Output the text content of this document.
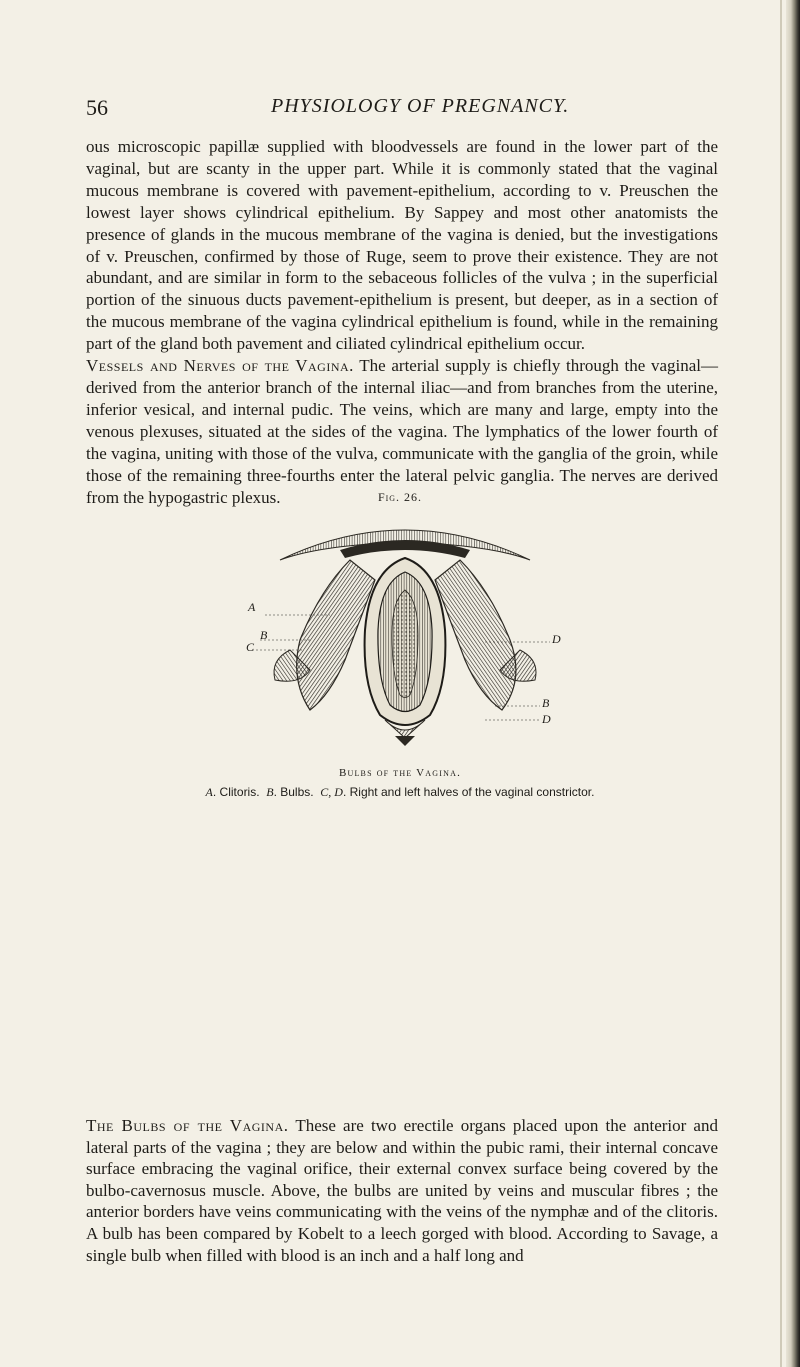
56	PHYSIOLOGY OF PREGNANCY.

ous microscopic papillæ supplied with bloodvessels are found in the lower part of the vaginal, but are scanty in the upper part. While it is commonly stated that the vaginal mucous membrane is covered with pavement-epithelium, according to v. Preuschen the lowest layer shows cylindrical epithelium. By Sappey and most other anatomists the presence of glands in the mucous membrane of the vagina is denied, but the investigations of v. Preuschen, confirmed by those of Ruge, seem to prove their existence. They are not abundant, and are similar in form to the sebaceous follicles of the vulva ; in the superficial portion of the sinuous ducts pavement-epithelium is present, but deeper, as in a section of the mucous membrane of the vagina cylindrical epithelium is found, while in the remaining part of the gland both pavement and ciliated cylindrical epithelium occur.

Vessels and Nerves of the Vagina. The arterial supply is chiefly through the vaginal—derived from the anterior branch of the internal iliac—and from branches from the uterine, inferior vesical, and internal pudic. The veins, which are many and large, empty into the venous plexuses, situated at the sides of the vagina. The lymphatics of the lower fourth of the vagina, uniting with those of the vulva, communicate with the ganglia of the groin, while those of the remaining three-fourths enter the lateral pelvic ganglia. The nerves are derived from the hypogastric plexus.	Fig. 26.
A
B
C
D
B
D
Bulbs of the Vagina.
A. Clitoris. B. Bulbs. C, D. Right and left halves of the vaginal constrictor.

The Bulbs of the Vagina. These are two erectile organs placed upon the anterior and lateral parts of the vagina ; they are below and within the pubic rami, their internal concave surface embracing the vaginal orifice, their external convex surface being covered by the bulbo-cavernosus muscle. Above, the bulbs are united by veins and muscular fibres ; the anterior borders have veins communicating with the veins of the nymphæ and of the clitoris. A bulb has been compared by Kobelt to a leech gorged with blood. According to Savage, a single bulb when filled with blood is an inch and a half long and
